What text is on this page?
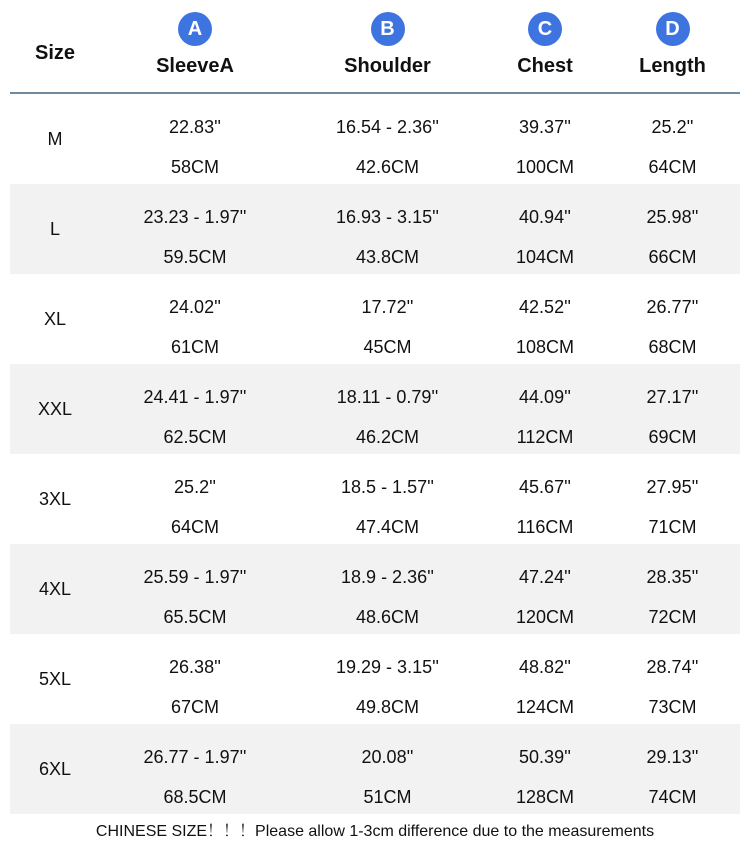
Size
A
SleeveA
B
Shoulder
C
Chest
D
Length
M
22.83''
58CM
16.54 - 2.36''
42.6CM
39.37''
100CM
25.2''
64CM
L
23.23 - 1.97''
59.5CM
16.93 - 3.15''
43.8CM
40.94''
104CM
25.98''
66CM
XL
24.02''
61CM
17.72''
45CM
42.52''
108CM
26.77''
68CM
XXL
24.41 - 1.97''
62.5CM
18.11 - 0.79''
46.2CM
44.09''
112CM
27.17''
69CM
3XL
25.2''
64CM
18.5 - 1.57''
47.4CM
45.67''
116CM
27.95''
71CM
4XL
25.59 - 1.97''
65.5CM
18.9 - 2.36''
48.6CM
47.24''
120CM
28.35''
72CM
5XL
26.38''
67CM
19.29 - 3.15''
49.8CM
48.82''
124CM
28.74''
73CM
6XL
26.77 - 1.97''
68.5CM
20.08''
51CM
50.39''
128CM
29.13''
74CM
CHINESE SIZE！！！Please allow 1-3cm difference due to the measurements
